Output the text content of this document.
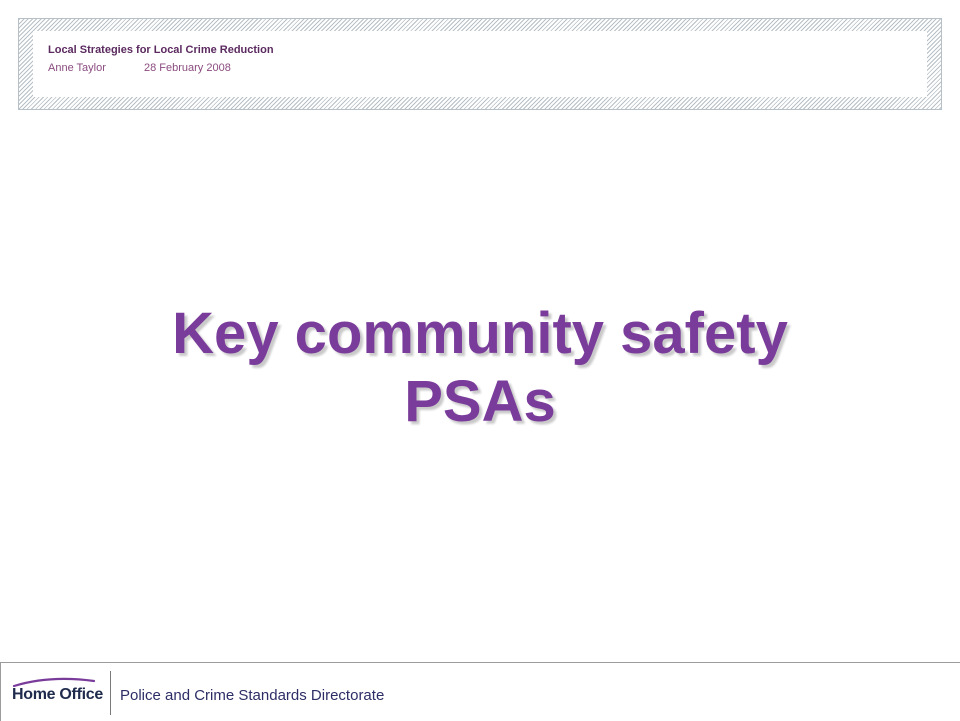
Local Strategies for Local Crime Reduction
Anne Taylor	28 February 2008
Key community safety
PSAs
Home Office Police and Crime Standards Directorate
